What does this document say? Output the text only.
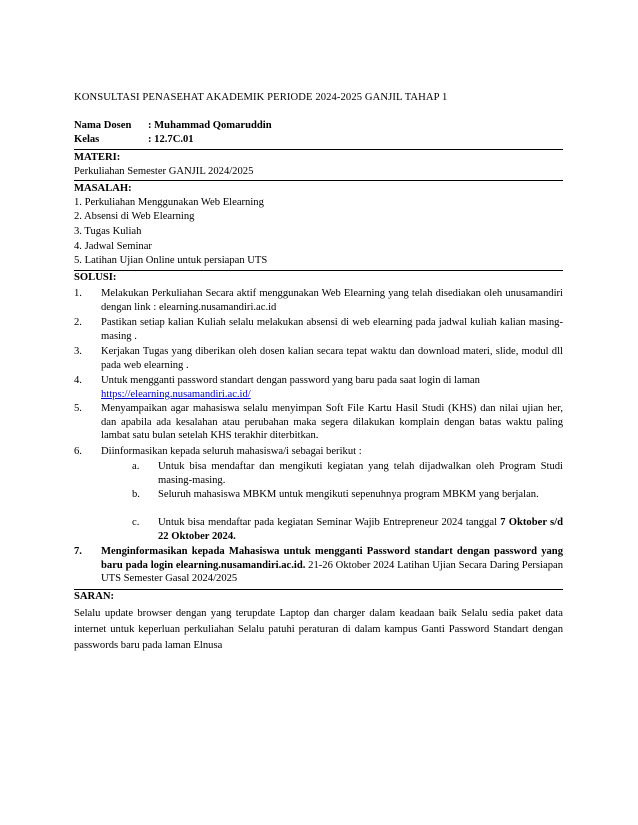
KONSULTASI PENASEHAT AKADEMIK PERIODE 2024-2025 GANJIL TAHAP 1
Nama Dosen : Muhammad Qomaruddin
Kelas	: 12.7C.01
MATERI:
Perkuliahan Semester GANJIL 2024/2025
MASALAH:
1. Perkuliahan Menggunakan Web Elearning
2. Absensi di Web Elearning
3. Tugas Kuliah
4. Jadwal Seminar
5. Latihan Ujian Online untuk persiapan UTS
SOLUSI:
1. Melakukan Perkuliahan Secara aktif menggunakan Web Elearning yang telah disediakan oleh unusamandiri dengan link : elearning.nusamandiri.ac.id
2. Pastikan setiap kalian Kuliah selalu melakukan absensi di web elearning pada jadwal kuliah kalian masing-masing .
3. Kerjakan Tugas yang diberikan oleh dosen kalian secara tepat waktu dan download materi, slide, modul dll pada web elearning .
4. Untuk mengganti password standart dengan password yang baru pada saat login di laman
https://elearning.nusamandiri.ac.id/
5. Menyampaikan agar mahasiswa selalu menyimpan Soft File Kartu Hasil Studi (KHS) dan nilai ujian her, dan apabila ada kesalahan atau perubahan maka segera dilakukan komplain dengan batas waktu paling lambat satu bulan setelah KHS terakhir diterbitkan.
6. Diinformasikan kepada seluruh mahasiswa/i sebagai berikut :
a. Untuk bisa mendaftar dan mengikuti kegiatan yang telah dijadwalkan oleh Program Studi masing-masing.
b. Seluruh mahasiswa MBKM untuk mengikuti sepenuhnya program MBKM yang berjalan.
c. Untuk bisa mendaftar pada kegiatan Seminar Wajib Entrepreneur 2024 tanggal 7 Oktober s/d 22 Oktober 2024.
7. Menginformasikan kepada Mahasiswa untuk mengganti Password standart dengan password yang baru pada login elearning.nusamandiri.ac.id. 21-26 Oktober 2024 Latihan Ujian Secara Daring Persiapan UTS Semester Gasal 2024/2025
SARAN:
Selalu update browser dengan yang terupdate Laptop dan charger dalam keadaan baik Selalu sedia paket data internet untuk keperluan perkuliahan Selalu patuhi peraturan di dalam kampus Ganti Password Standart dengan passwords baru pada laman Elnusa
